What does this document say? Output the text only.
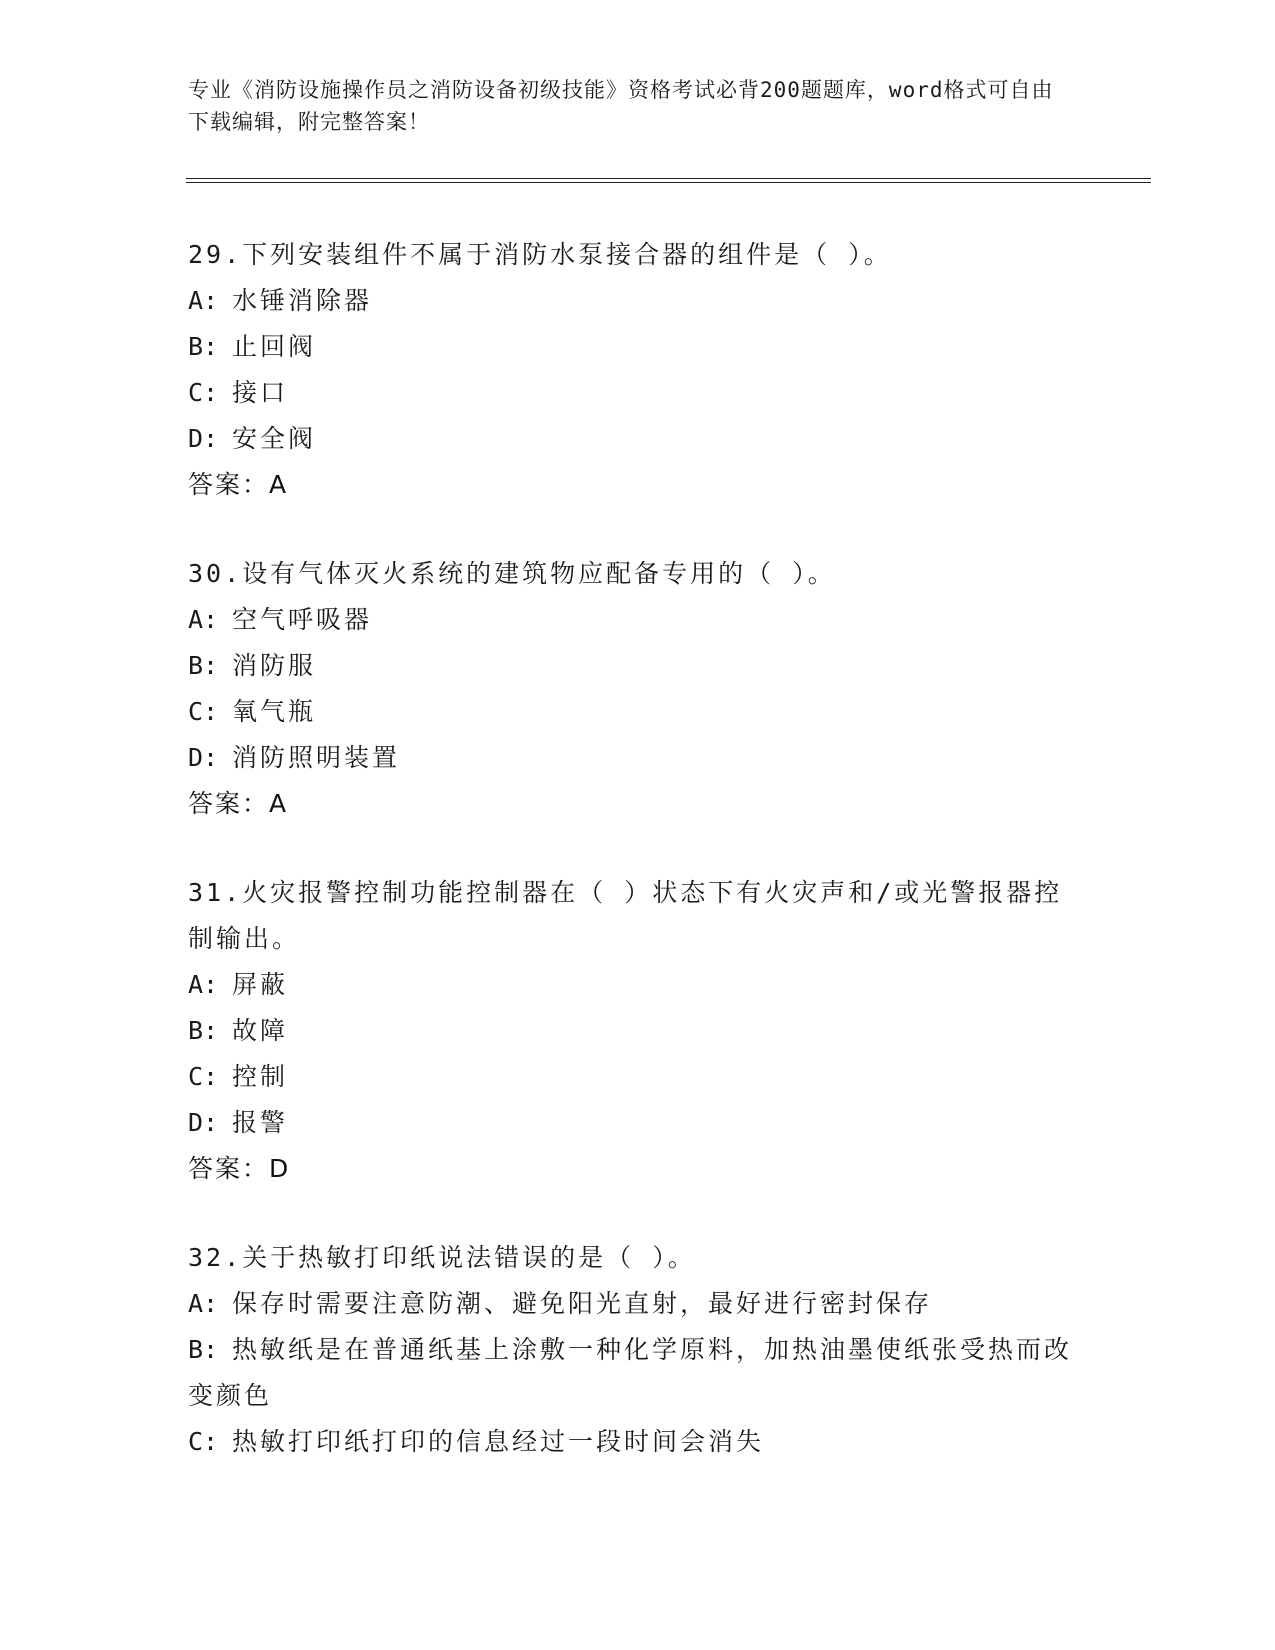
专业《消防设施操作员之消防设备初级技能》资格考试必背200题题库，word格式可自由下载编辑，附完整答案！

29.下列安装组件不属于消防水泵接合器的组件是（ ）。

A: 水锤消除器

B: 止回阀

C: 接口

D: 安全阀

答案：A

30.设有气体灭火系统的建筑物应配备专用的（ ）。

A: 空气呼吸器

B: 消防服

C: 氧气瓶

D: 消防照明装置

答案：A

31.火灾报警控制功能控制器在（ ）状态下有火灾声和/或光警报器控制输出。

A: 屏蔽

B: 故障

C: 控制

D: 报警

答案：D

32.关于热敏打印纸说法错误的是（ ）。

A: 保存时需要注意防潮、避免阳光直射，最好进行密封保存

B: 热敏纸是在普通纸基上涂敷一种化学原料，加热油墨使纸张受热而改变颜色

C: 热敏打印纸打印的信息经过一段时间会消失
